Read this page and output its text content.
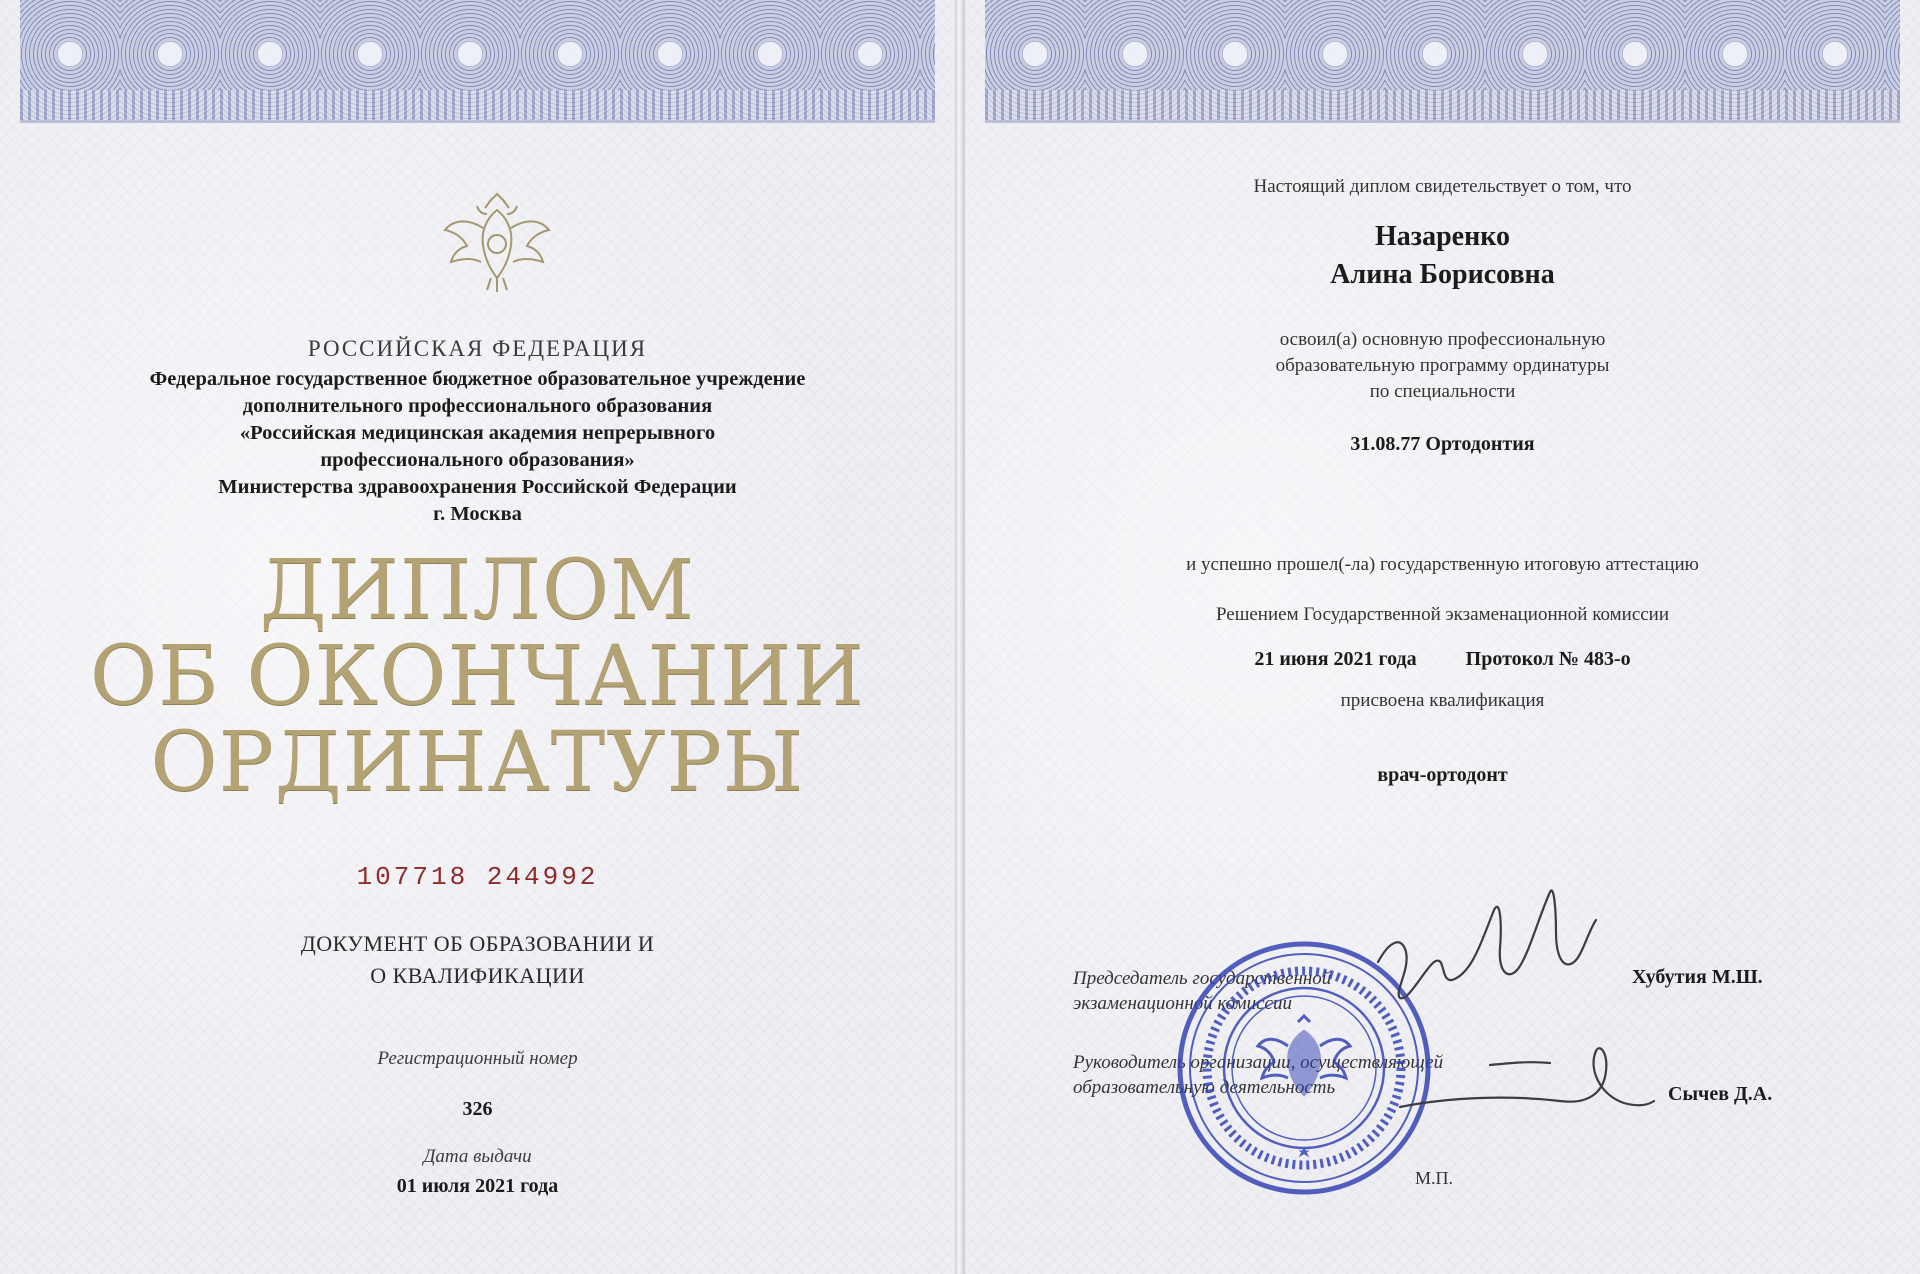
РОССИЙСКАЯ ФЕДЕРАЦИЯ
Федеральное государственное бюджетное образовательное учреждение
дополнительного профессионального образования
«Российская медицинская академия непрерывного
профессионального образования»
Министерства здравоохранения Российской Федерации
г. Москва
ДИПЛОМ
ОБ ОКОНЧАНИИ
ОРДИНАТУРЫ
107718 244992
ДОКУМЕНТ ОБ ОБРАЗОВАНИИ И
О КВАЛИФИКАЦИИ
Регистрационный номер
326
Дата выдачи
01 июля 2021 года
Настоящий диплом свидетельствует о том, что
Назаренко
Алина Борисовна
освоил(а) основную профессиональную
образовательную программу ординатуры
по специальности
31.08.77 Ортодонтия
и успешно прошел(-ла) государственную итоговую аттестацию
Решением Государственной экзаменационной комиссии
21 июня 2021 года Протокол № 483-о
присвоена квалификация
врач-ортодонт
Председатель государственной
экзаменационной комиссии
Хубутия М.Ш.
Руководитель организации, осуществляющей
образовательную деятельность	Сычев Д.А.
М.П.
